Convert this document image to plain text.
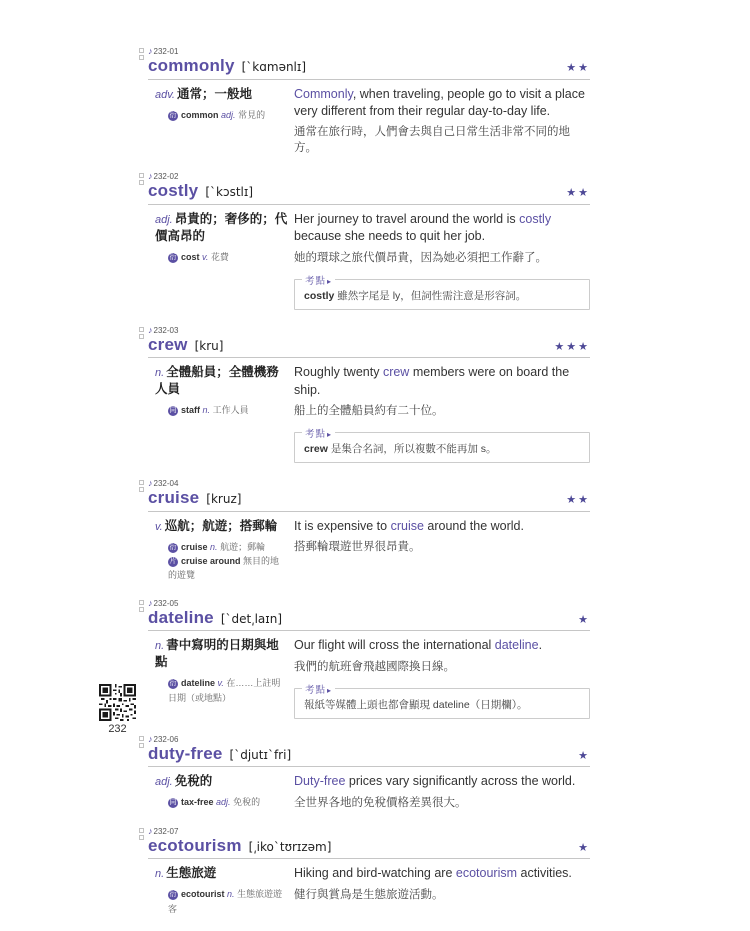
♪232-01
commonly [ˋkɑmənlɪ]	★★
adv. 通常；一般地
衍 common adj. 常見的
Commonly, when traveling, people go to visit a place very different from their regular day-to-day life.
通常在旅行時，人們會去與自己日常生活非常不同的地方。
♪232-02
costly [ˋkɔstlɪ]	★★
adj. 昂貴的；奢侈的；代價高昂的
衍 cost v. 花費
Her journey to travel around the world is costly because she needs to quit her job.
她的環球之旅代價昂貴，因為她必須把工作辭了。
考點 ▸
costly 雖然字尾是 ly，但詞性需注意是形容詞。
♪232-03
crew [kru]	★★★
n. 全體船員；全體機務人員
同 staff n. 工作人員
Roughly twenty crew members were on board the ship.
船上的全體船員約有二十位。
考點 ▸
crew 是集合名詞，所以複數不能再加 s。
♪232-04
cruise [kruz]	★★
v. 巡航；航遊；搭郵輪
衍 cruise n. 航遊；郵輪
片 cruise around 無目的地的遊覽
It is expensive to cruise around the world.
搭郵輪環遊世界很昂貴。
♪232-05
dateline [ˋdet͵laɪn]	★
n. 書中寫明的日期與地點
衍 dateline v. 在……上註明日期（或地點）
Our flight will cross the international dateline.
我們的航班會飛越國際換日線。
考點 ▸
報紙等媒體上頭也都會顯現 dateline（日期欄）。
♪232-06
duty-free [ˋdjutɪˋfri]	★
adj. 免稅的
同 tax-free adj. 免稅的
Duty-free prices vary significantly across the world.
全世界各地的免稅價格差異很大。
♪232-07
ecotourism [͵ikoˋtʊrɪzəm]	★
n. 生態旅遊
衍 ecotourist n. 生態旅遊遊客
Hiking and bird-watching are ecotourism activities.
健行與賞鳥是生態旅遊活動。
232
